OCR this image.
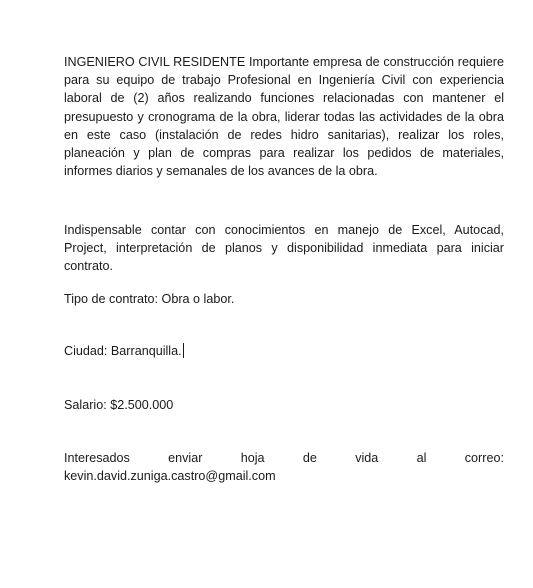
INGENIERO CIVIL RESIDENTE Importante empresa de construcción requiere para su equipo de trabajo Profesional en Ingeniería Civil con experiencia laboral de (2) años realizando funciones relacionadas con mantener el presupuesto y cronograma de la obra, liderar todas las actividades de la obra en este caso (instalación de redes hidro sanitarias), realizar los roles, planeación y plan de compras para realizar los pedidos de materiales, informes diarios y semanales de los avances de la obra.
Indispensable contar con conocimientos en manejo de Excel, Autocad, Project, interpretación de planos y disponibilidad inmediata para iniciar contrato.
Tipo de contrato: Obra o labor.
Ciudad: Barranquilla.
Salario: $2.500.000
Interesados	enviar	hoja	de	vida	al	correo:
kevin.david.zuniga.castro@gmail.com
